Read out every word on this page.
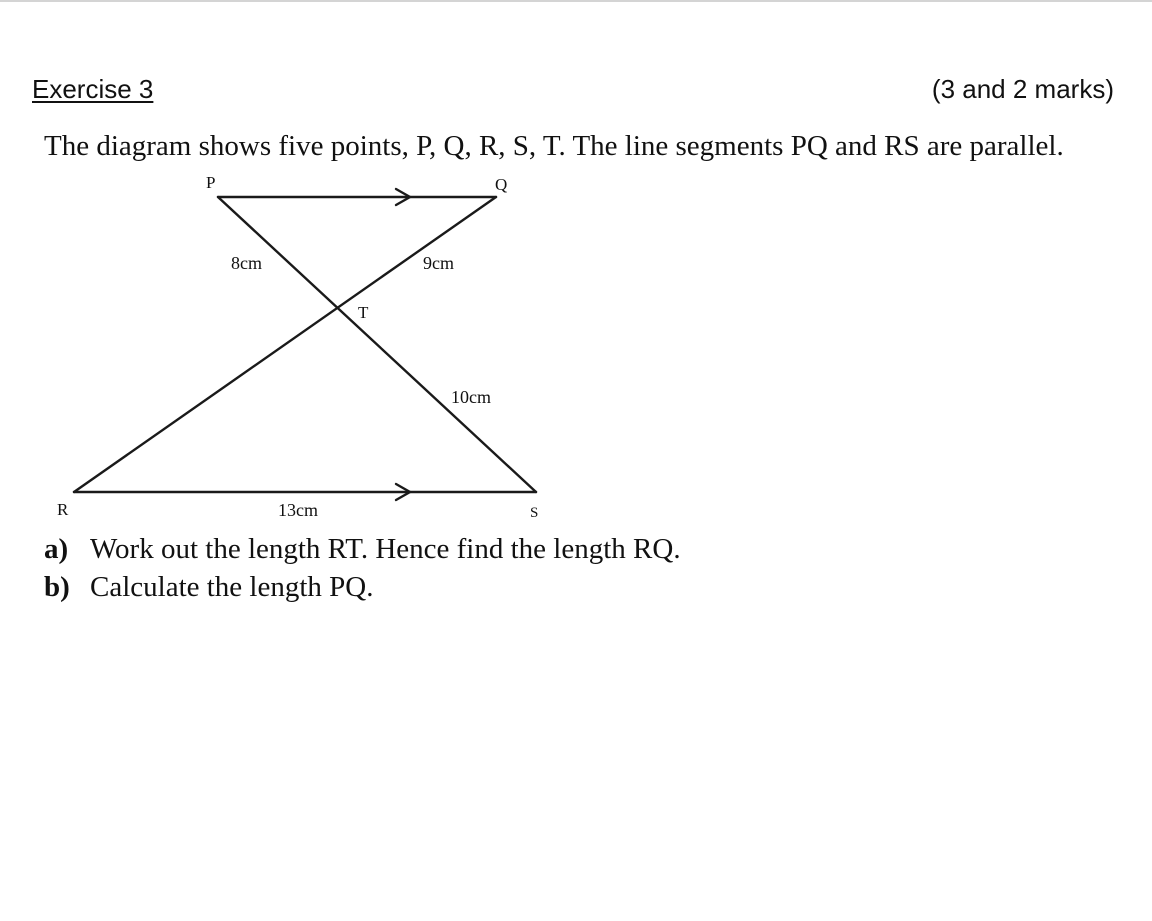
Exercise 3	(3 and 2 marks)
The diagram shows five points, P, Q, R, S, T. The line segments PQ and RS are parallel.
P	Q
T
R	S
8cm	9cm
10cm
13cm
a) Work out the length RT. Hence find the length RQ.
b) Calculate the length PQ.
